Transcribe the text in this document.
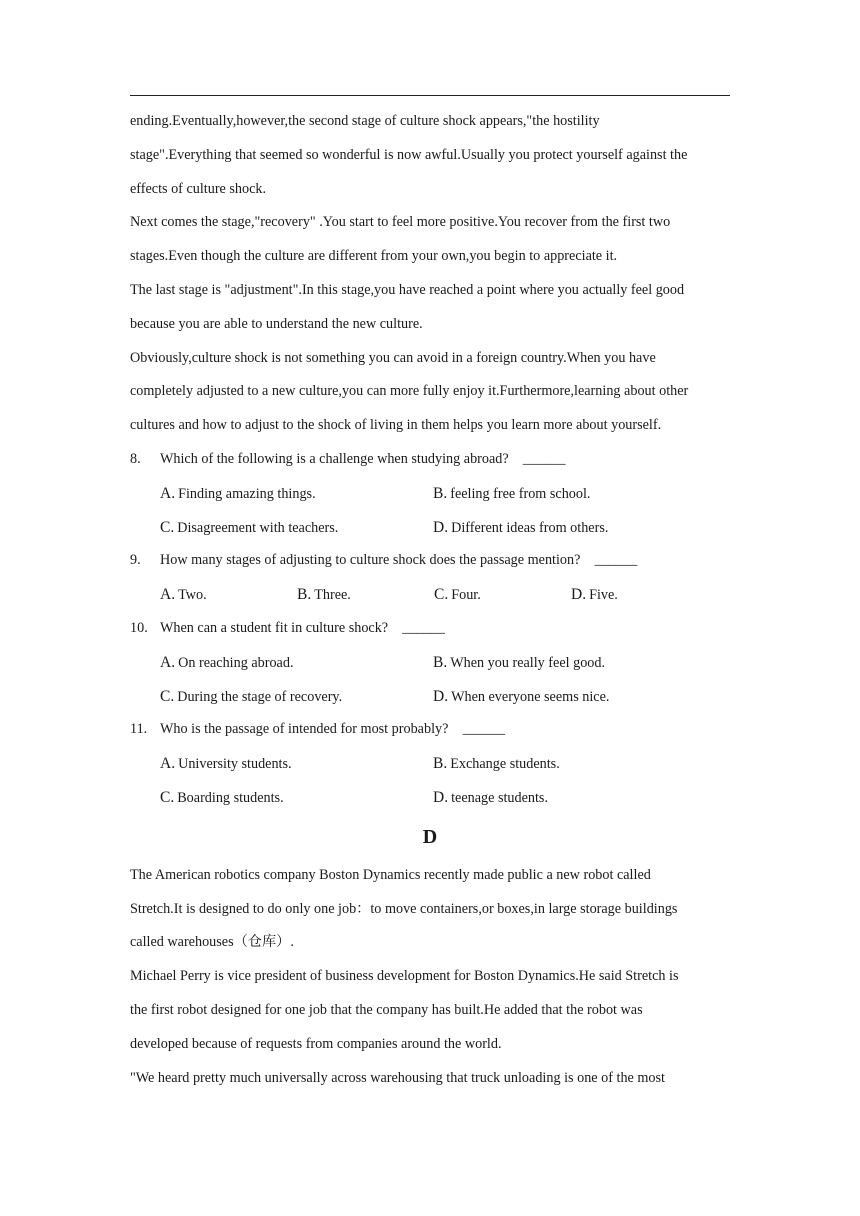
ending.Eventually,however,the second stage of culture shock appears,"the hostility
stage".Everything that seemed so wonderful is now awful.Usually you protect yourself against the
effects of culture shock.
Next comes the stage,"recovery" .You start to feel more positive.You recover from the first two
stages.Even though the culture are different from your own,you begin to appreciate it.
The last stage is "adjustment".In this stage,you have reached a point where you actually feel good
because you are able to understand the new culture.
Obviously,culture shock is not something you can avoid in a foreign country.When you have
completely adjusted to a new culture,you can more fully enjoy it.Furthermore,learning about other
cultures and how to adjust to the shock of living in them helps you learn more about yourself.
8.	Which of the following is a challenge when studying abroad?　______
A. Finding amazing things.	B. feeling free from school.
C. Disagreement with teachers.	D. Different ideas from others.
9.	How many stages of adjusting to culture shock does the passage mention?　______
A. Two.	B. Three.	C. Four.	D. Five.
10. When can a student fit in culture shock?　______
A. On reaching abroad.	B. When you really feel good.
C. During the stage of recovery.	D. When everyone seems nice.
11. Who is the passage of intended for most probably?　______
A. University students.	B. Exchange students.
C. Boarding students.	D. teenage students.
D
The American robotics company Boston Dynamics recently made public a new robot called
Stretch.It is designed to do only one job：to move containers,or boxes,in large storage buildings
called warehouses（仓库）.
Michael Perry is vice president of business development for Boston Dynamics.He said Stretch is
the first robot designed for one job that the company has built.He added that the robot was
developed because of requests from companies around the world.
"We heard pretty much universally across warehousing that truck unloading is one of the most
